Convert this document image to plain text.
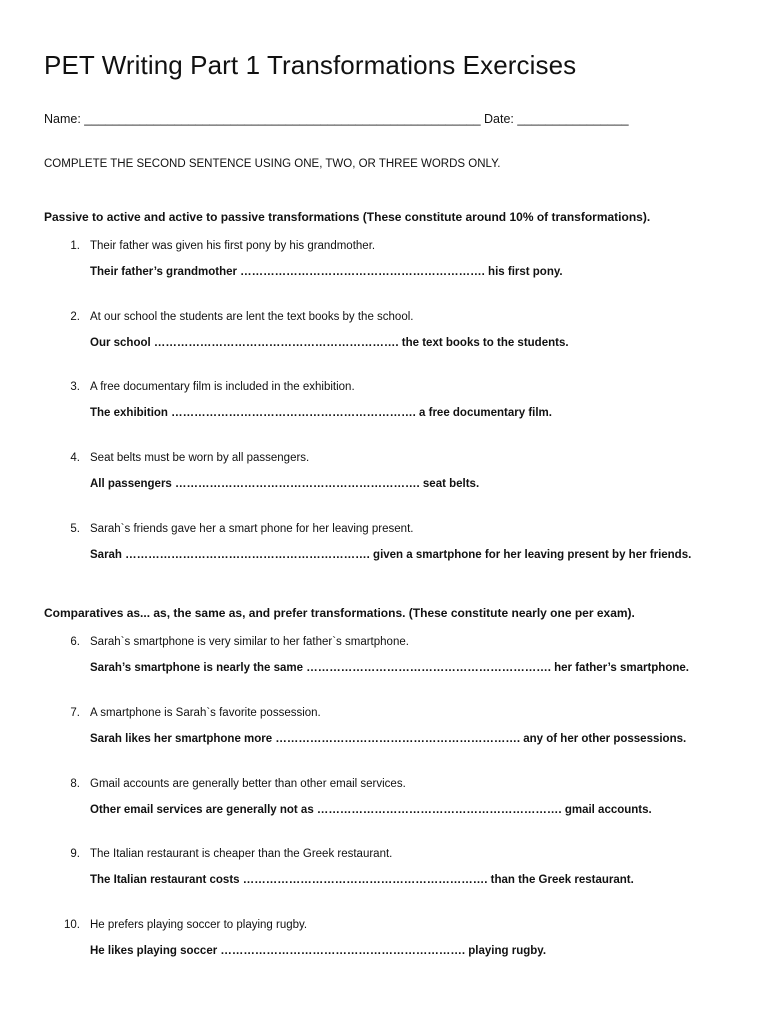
PET Writing Part 1 Transformations Exercises
Name: _________________________________________________________ Date: ________________
COMPLETE THE SECOND SENTENCE USING ONE, TWO, OR THREE WORDS ONLY.
Passive to active and active to passive transformations (These constitute around 10% of transformations).
1. Their father was given his first pony by his grandmother.
Their father’s grandmother ………………………………………………………. his first pony.
2. At our school the students are lent the text books by the school.
Our school ………………………………………………………. the text books to the students.
3. A free documentary film is included in the exhibition.
The exhibition ………………………………………………………. a free documentary film.
4. Seat belts must be worn by all passengers.
All passengers ………………………………………………………. seat belts.
5. Sarah`s friends gave her a smart phone for her leaving present.
Sarah ………………………………………………………. given a smartphone for her leaving present by her friends.
Comparatives as... as, the same as, and prefer transformations. (These constitute nearly one per exam).
6. Sarah`s smartphone is very similar to her father`s smartphone.
Sarah’s smartphone is nearly the same ………………………………………………………. her father’s smartphone.
7. A smartphone is Sarah`s favorite possession.
Sarah likes her smartphone more ………………………………………………………. any of her other possessions.
8. Gmail accounts are generally better than other email services.
Other email services are generally not as ………………………………………………………. gmail accounts.
9. The Italian restaurant is cheaper than the Greek restaurant.
The Italian restaurant costs ………………………………………………………. than the Greek restaurant.
10. He prefers playing soccer to playing rugby.
He likes playing soccer ………………………………………………………. playing rugby.
